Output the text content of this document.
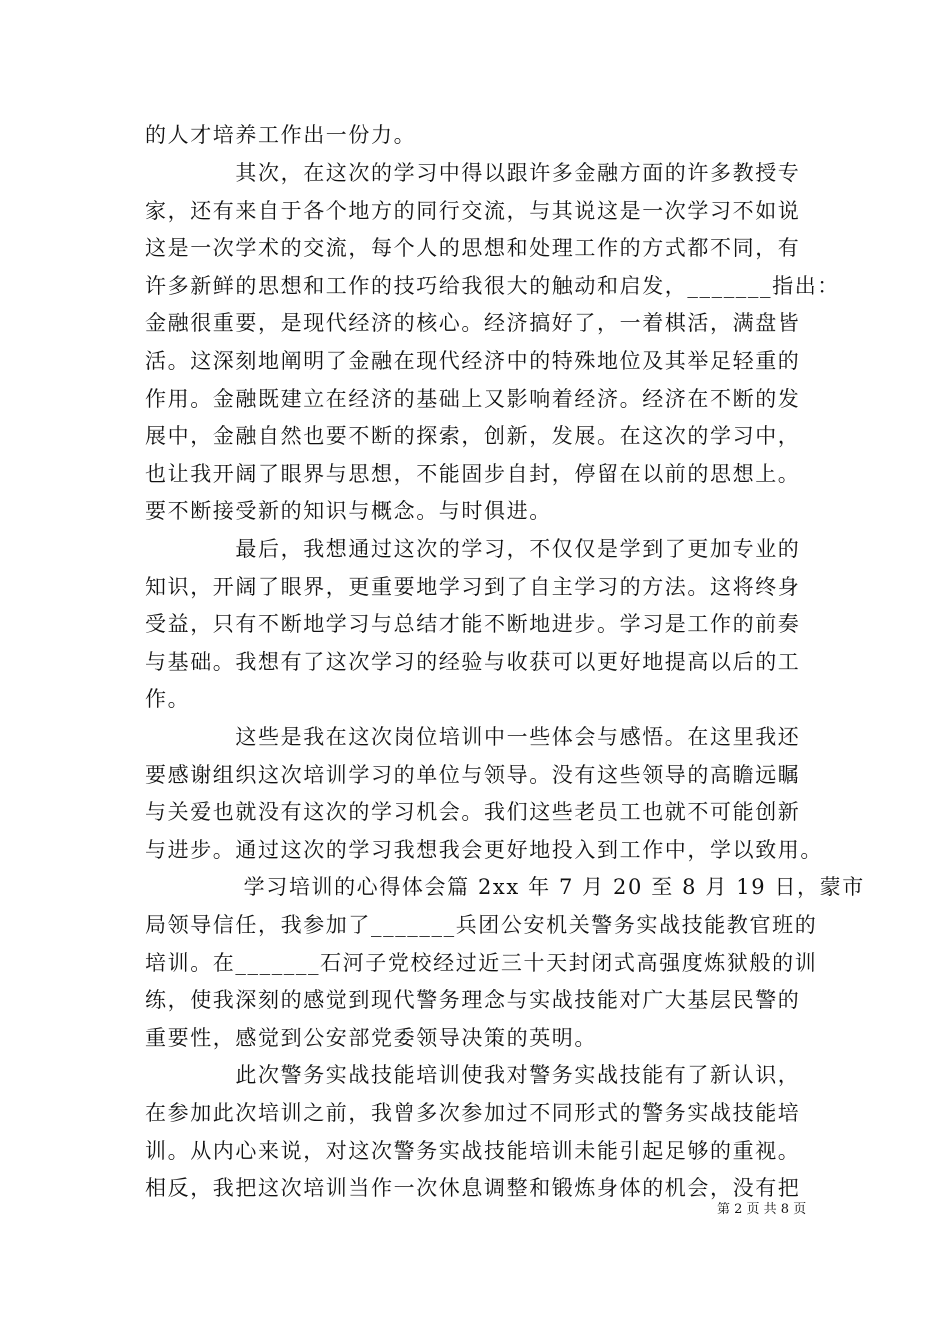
的人才培养工作出一份力。
　　　　其次，在这次的学习中得以跟许多金融方面的许多教授专
家，还有来自于各个地方的同行交流，与其说这是一次学习不如说
这是一次学术的交流，每个人的思想和处理工作的方式都不同，有
许多新鲜的思想和工作的技巧给我很大的触动和启发，_______指出：
金融很重要，是现代经济的核心。经济搞好了，一着棋活，满盘皆
活。这深刻地阐明了金融在现代经济中的特殊地位及其举足轻重的
作用。金融既建立在经济的基础上又影响着经济。经济在不断的发
展中，金融自然也要不断的探索，创新，发展。在这次的学习中，
也让我开阔了眼界与思想，不能固步自封，停留在以前的思想上。
要不断接受新的知识与概念。与时俱进。
　　　　最后，我想通过这次的学习，不仅仅是学到了更加专业的
知识，开阔了眼界，更重要地学习到了自主学习的方法。这将终身
受益，只有不断地学习与总结才能不断地进步。学习是工作的前奏
与基础。我想有了这次学习的经验与收获可以更好地提高以后的工
作。
　　　　这些是我在这次岗位培训中一些体会与感悟。在这里我还
要感谢组织这次培训学习的单位与领导。没有这些领导的高瞻远瞩
与关爱也就没有这次的学习机会。我们这些老员工也就不可能创新
与进步。通过这次的学习我想我会更好地投入到工作中，学以致用。
　　　　 学习培训的心得体会篇 2xx 年 7 月 20 至 8 月 19 日，蒙市
局领导信任，我参加了_______兵团公安机关警务实战技能教官班的
培训。在_______石河子党校经过近三十天封闭式高强度炼狱般的训
练，使我深刻的感觉到现代警务理念与实战技能对广大基层民警的
重要性，感觉到公安部党委领导决策的英明。
　　　　此次警务实战技能培训使我对警务实战技能有了新认识，
在参加此次培训之前，我曾多次参加过不同形式的警务实战技能培
训。从内心来说，对这次警务实战技能培训未能引起足够的重视。
相反，我把这次培训当作一次休息调整和锻炼身体的机会，没有把
第 2 页 共 8 页
